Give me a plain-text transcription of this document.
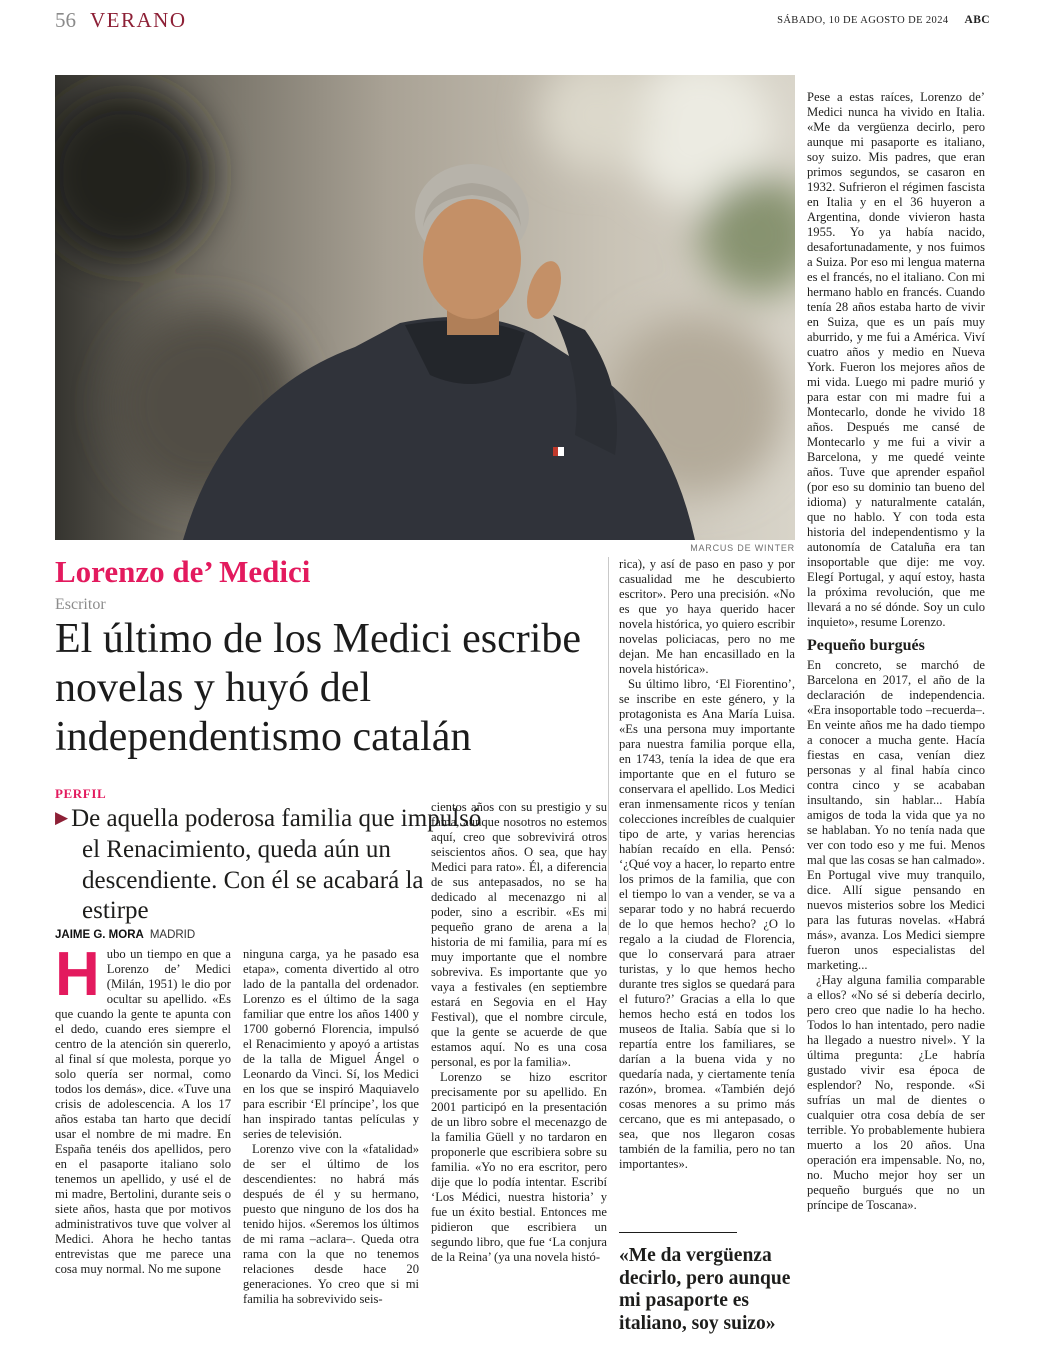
56 VERANO	SÁBADO, 10 DE AGOSTO DE 2024 ABC
MARCUS DE WINTER
Lorenzo de’ Medici
Escritor
El último de los Medici escribe novelas y huyó del independentismo catalán
PERFIL
▶ De aquella poderosa familia que impulsó el Renacimiento, queda aún un descendiente. Con él se acabará la estirpe
JAIME G. MORA MADRID

Hubo un tiempo en que a Lorenzo de’ Medici (Milán, 1951) le dio por ocultar su apellido. «Es que cuando la gente te apunta con el dedo, cuando eres siempre el centro de la atención sin quererlo, al final sí que molesta, porque yo solo quería ser normal, como todos los demás», dice. «Tuve una crisis de adolescencia. A los 17 años estaba tan harto que decidí usar el nombre de mi madre. En España tenéis dos apellidos, pero en el pasaporte italiano solo tenemos un apellido, y usé el de mi madre, Bertolini, durante seis o siete años, hasta que por motivos administrativos tuve que volver al Medici. Ahora he hecho tantas entrevistas que me parece una cosa muy normal. No me supone

ninguna carga, ya he pasado esa etapa», comenta divertido al otro lado de la pantalla del ordenador. Lorenzo es el último de la saga familiar que entre los años 1400 y 1700 gobernó Florencia, impulsó el Renacimiento y apoyó a artistas de la talla de Miguel Ángel o Leonardo da Vinci. Sí, los Medici en los que se inspiró Maquiavelo para escribir ‘El príncipe’, los que han inspirado tantas películas y series de televisión.

Lorenzo vive con la «fatalidad» de ser el último de los descendientes: no habrá más después de él y su hermano, puesto que ninguno de los dos ha tenido hijos. «Seremos los últimos de mi rama –aclara–. Queda otra rama con la que no tenemos relaciones desde hace 20 generaciones. Yo creo que si mi familia ha sobrevivido seis-

cientos años con su prestigio y su fama, aunque nosotros no estemos aquí, creo que sobrevivirá otros seiscientos años. O sea, que hay Medici para rato». Él, a diferencia de sus antepasados, no se ha dedicado al mecenazgo ni al poder, sino a escribir. «Es mi pequeño grano de arena a la historia de mi familia, para mí es muy importante que el nombre sobreviva. Es importante que yo vaya a festivales (en septiembre estará en Segovia en el Hay Festival), que el nombre circule, que la gente se acuerde de que estamos aquí. No es una cosa personal, es por la familia».

Lorenzo se hizo escritor precisamente por su apellido. En 2001 participó en la presentación de un libro sobre el mecenazgo de la familia Güell y no tardaron en proponerle que escribiera sobre su familia. «Yo no era escritor, pero dije que lo podía intentar. Escribí ‘Los Médici, nuestra historia’ y fue un éxito bestial. Entonces me pidieron que escribiera un segundo libro, que fue ‘La conjura de la Reina’ (ya una novela histó-

rica), y así de paso en paso y por casualidad me he descubierto escritor». Pero una precisión. «No es que yo haya querido hacer novela histórica, yo quiero escribir novelas policiacas, pero no me dejan. Me han encasillado en la novela histórica».

Su último libro, ‘El Fiorentino’, se inscribe en este género, y la protagonista es Ana María Luisa. «Es una persona muy importante para nuestra familia porque ella, en 1743, tenía la idea de que era importante que en el futuro se conservara el apellido. Los Medici eran inmensamente ricos y tenían colecciones increíbles de cualquier tipo de arte, y varias herencias habían recaído en ella. Pensó: ‘¿Qué voy a hacer, lo reparto entre los primos de la familia, que con el tiempo lo van a vender, se va a separar todo y no habrá recuerdo de lo que hemos hecho? ¿O lo regalo a la ciudad de Florencia, que lo conservará para atraer turistas, y lo que hemos hecho durante tres siglos se quedará para el futuro?’ Gracias a ella lo que hemos hecho está en todos los museos de Italia. Sabía que si lo repartía entre los familiares, se darían a la buena vida y no quedaría nada, y ciertamente tenía razón», bromea. «También dejó cosas menores a su primo más cercano, que es mi antepasado, o sea, que nos llegaron cosas también de la familia, pero no tan importantes».

«Me da vergüenza decirlo, pero aunque mi pasaporte es italiano, soy suizo»

Pese a estas raíces, Lorenzo de’ Medici nunca ha vivido en Italia. «Me da vergüenza decirlo, pero aunque mi pasaporte es italiano, soy suizo. Mis padres, que eran primos segundos, se casaron en 1932. Sufrieron el régimen fascista en Italia y en el 36 huyeron a Argentina, donde vivieron hasta 1955. Yo ya había nacido, desafortunadamente, y nos fuimos a Suiza. Por eso mi lengua materna es el francés, no el italiano. Con mi hermano hablo en francés. Cuando tenía 28 años estaba harto de vivir en Suiza, que es un país muy aburrido, y me fui a América. Viví cuatro años y medio en Nueva York. Fueron los mejores años de mi vida. Luego mi padre murió y para estar con mi madre fui a Montecarlo, donde he vivido 18 años. Después me cansé de Montecarlo y me fui a vivir a Barcelona, y me quedé veinte años. Tuve que aprender español (por eso su dominio tan bueno del idioma) y naturalmente catalán, que no hablo. Y con toda esta historia del independentismo y la autonomía de Cataluña era tan insoportable que dije: me voy. Elegí Portugal, y aquí estoy, hasta la próxima revolución, que me llevará a no sé dónde. Soy un culo inquieto», resume Lorenzo.

Pequeño burgués

En concreto, se marchó de Barcelona en 2017, el año de la declaración de independencia. «Era insoportable todo –recuerda–. En veinte años me ha dado tiempo a conocer a mucha gente. Hacía fiestas en casa, venían diez personas y al final había cinco contra cinco y se acababan insultando, sin hablar... Había amigos de toda la vida que ya no se hablaban. Yo no tenía nada que ver con todo eso y me fui. Menos mal que las cosas se han calmado». En Portugal vive muy tranquilo, dice. Allí sigue pensando en nuevos misterios sobre los Medici para las futuras novelas. «Habrá más», avanza. Los Medici siempre fueron unos especialistas del marketing...

¿Hay alguna familia comparable a ellos? «No sé si debería decirlo, pero creo que nadie lo ha hecho. Todos lo han intentado, pero nadie ha llegado a nuestro nivel». Y la última pregunta: ¿Le habría gustado vivir esa época de esplendor? No, responde. «Si sufrías un mal de dientes o cualquier otra cosa debía de ser terrible. Yo probablemente hubiera muerto a los 20 años. Una operación era impensable. No, no, no. Mucho mejor hoy ser un pequeño burgués que no un príncipe de Toscana».
